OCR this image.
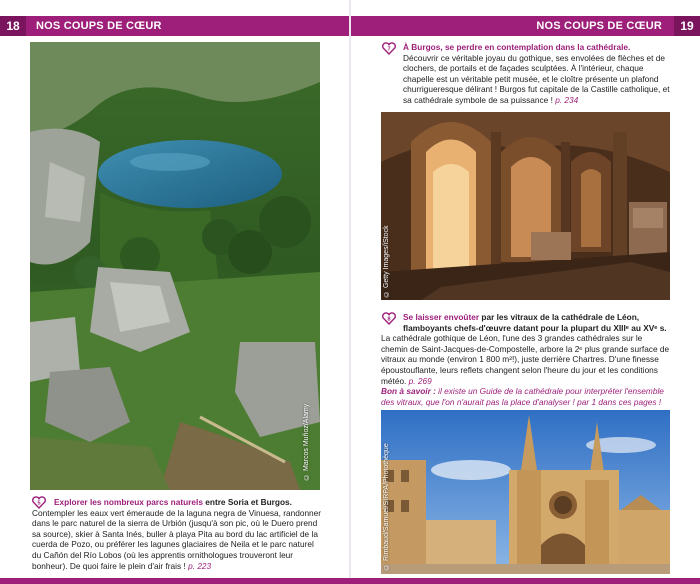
18	NOS COUPS DE CŒUR	NOS COUPS DE CŒUR	19
© Marcos Muñoz/Alamy
5	Explorer les nombreux parcs naturels entre Soria et Burgos.
Contempler les eaux vert émeraude de la laguna negra de Vinuesa, randonner dans le parc naturel de la sierra de Urbión (jusqu'à son pic, où le Duero prend sa source), skier à Santa Inés, buller à playa Pita au bord du lac artificiel de la cuerda de Pozo, ou préférer les lagunes glaciaires de Neila et le parc naturel du Cañón del Río Lobos (où les apprentis ornithologues trouveront leur bonheur). De quoi faire le plein d'air frais ! p. 223
7	À Burgos, se perdre en contemplation dans la cathédrale.
Découvrir ce véritable joyau du gothique, ses envolées de flèches et de clochers, de portails et de façades sculptées. À l'intérieur, chaque chapelle est un véritable petit musée, et le cloître présente un plafond churrigueresque délirant ! Burgos fut capitale de la Castille catholique, et sa cathédrale symbole de sa puissance ! p. 234
© Getty Images/iStock
8	Se laisser envoûter par les vitraux de la cathédrale de Léon, flamboyants chefs-d'œuvre datant pour la plupart du XIIIᵉ au XVᵉ s.
La cathédrale gothique de Léon, l'une des 3 grandes cathédrales sur le chemin de Saint-Jacques-de-Compostelle, arbore la 2ᵉ plus grande surface de vitraux au monde (environ 1 800 m²!), juste derrière Chartres. D'une finesse époustouflante, leurs reflets changent selon l'heure du jour et les conditions météo. p. 269
Bon à savoir : il existe un Guide de la cathédrale pour interpréter l'ensemble des vitraux, que l'on n'aurait pas la place d'analyser ! par 1 dans ces pages !
© Rimbaud/Samuel/SIRPA/Photothèque
